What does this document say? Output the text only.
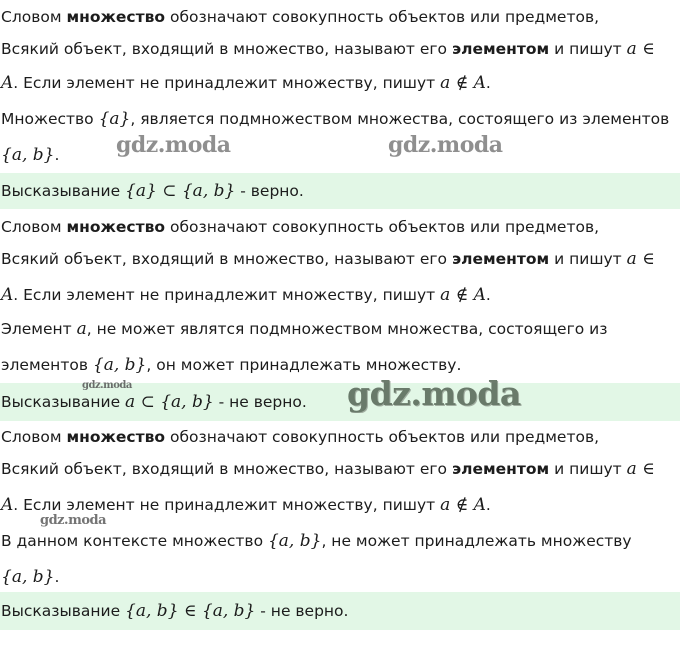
Словом множество обозначают совокупность объектов или предметов,
Всякий объект, входящий в множество, называют его элементом и пишут a ∈
A. Если элемент не принадлежит множеству, пишут a ∉ A.
Множество {a}, является подмножеством множества, состоящего из элементов
{a, b}.
Высказывание {a} ⊂ {a, b} - верно.
Словом множество обозначают совокупность объектов или предметов,
Всякий объект, входящий в множество, называют его элементом и пишут a ∈
A. Если элемент не принадлежит множеству, пишут a ∉ A.
Элемент a, не может являтся подмножеством множества, состоящего из
элементов {a, b}, он может принадлежать множеству.
Высказывание a ⊂ {a, b} - не верно.
Словом множество обозначают совокупность объектов или предметов,
Всякий объект, входящий в множество, называют его элементом и пишут a ∈
A. Если элемент не принадлежит множеству, пишут a ∉ A.
В данном контексте множество {a, b}, не может принадлежать множеству
{a, b}.
Высказывание {a, b} ∈ {a, b} - не верно.
gdz.moda	gdz.moda
gdz.moda	gdz.moda
gdz.moda
